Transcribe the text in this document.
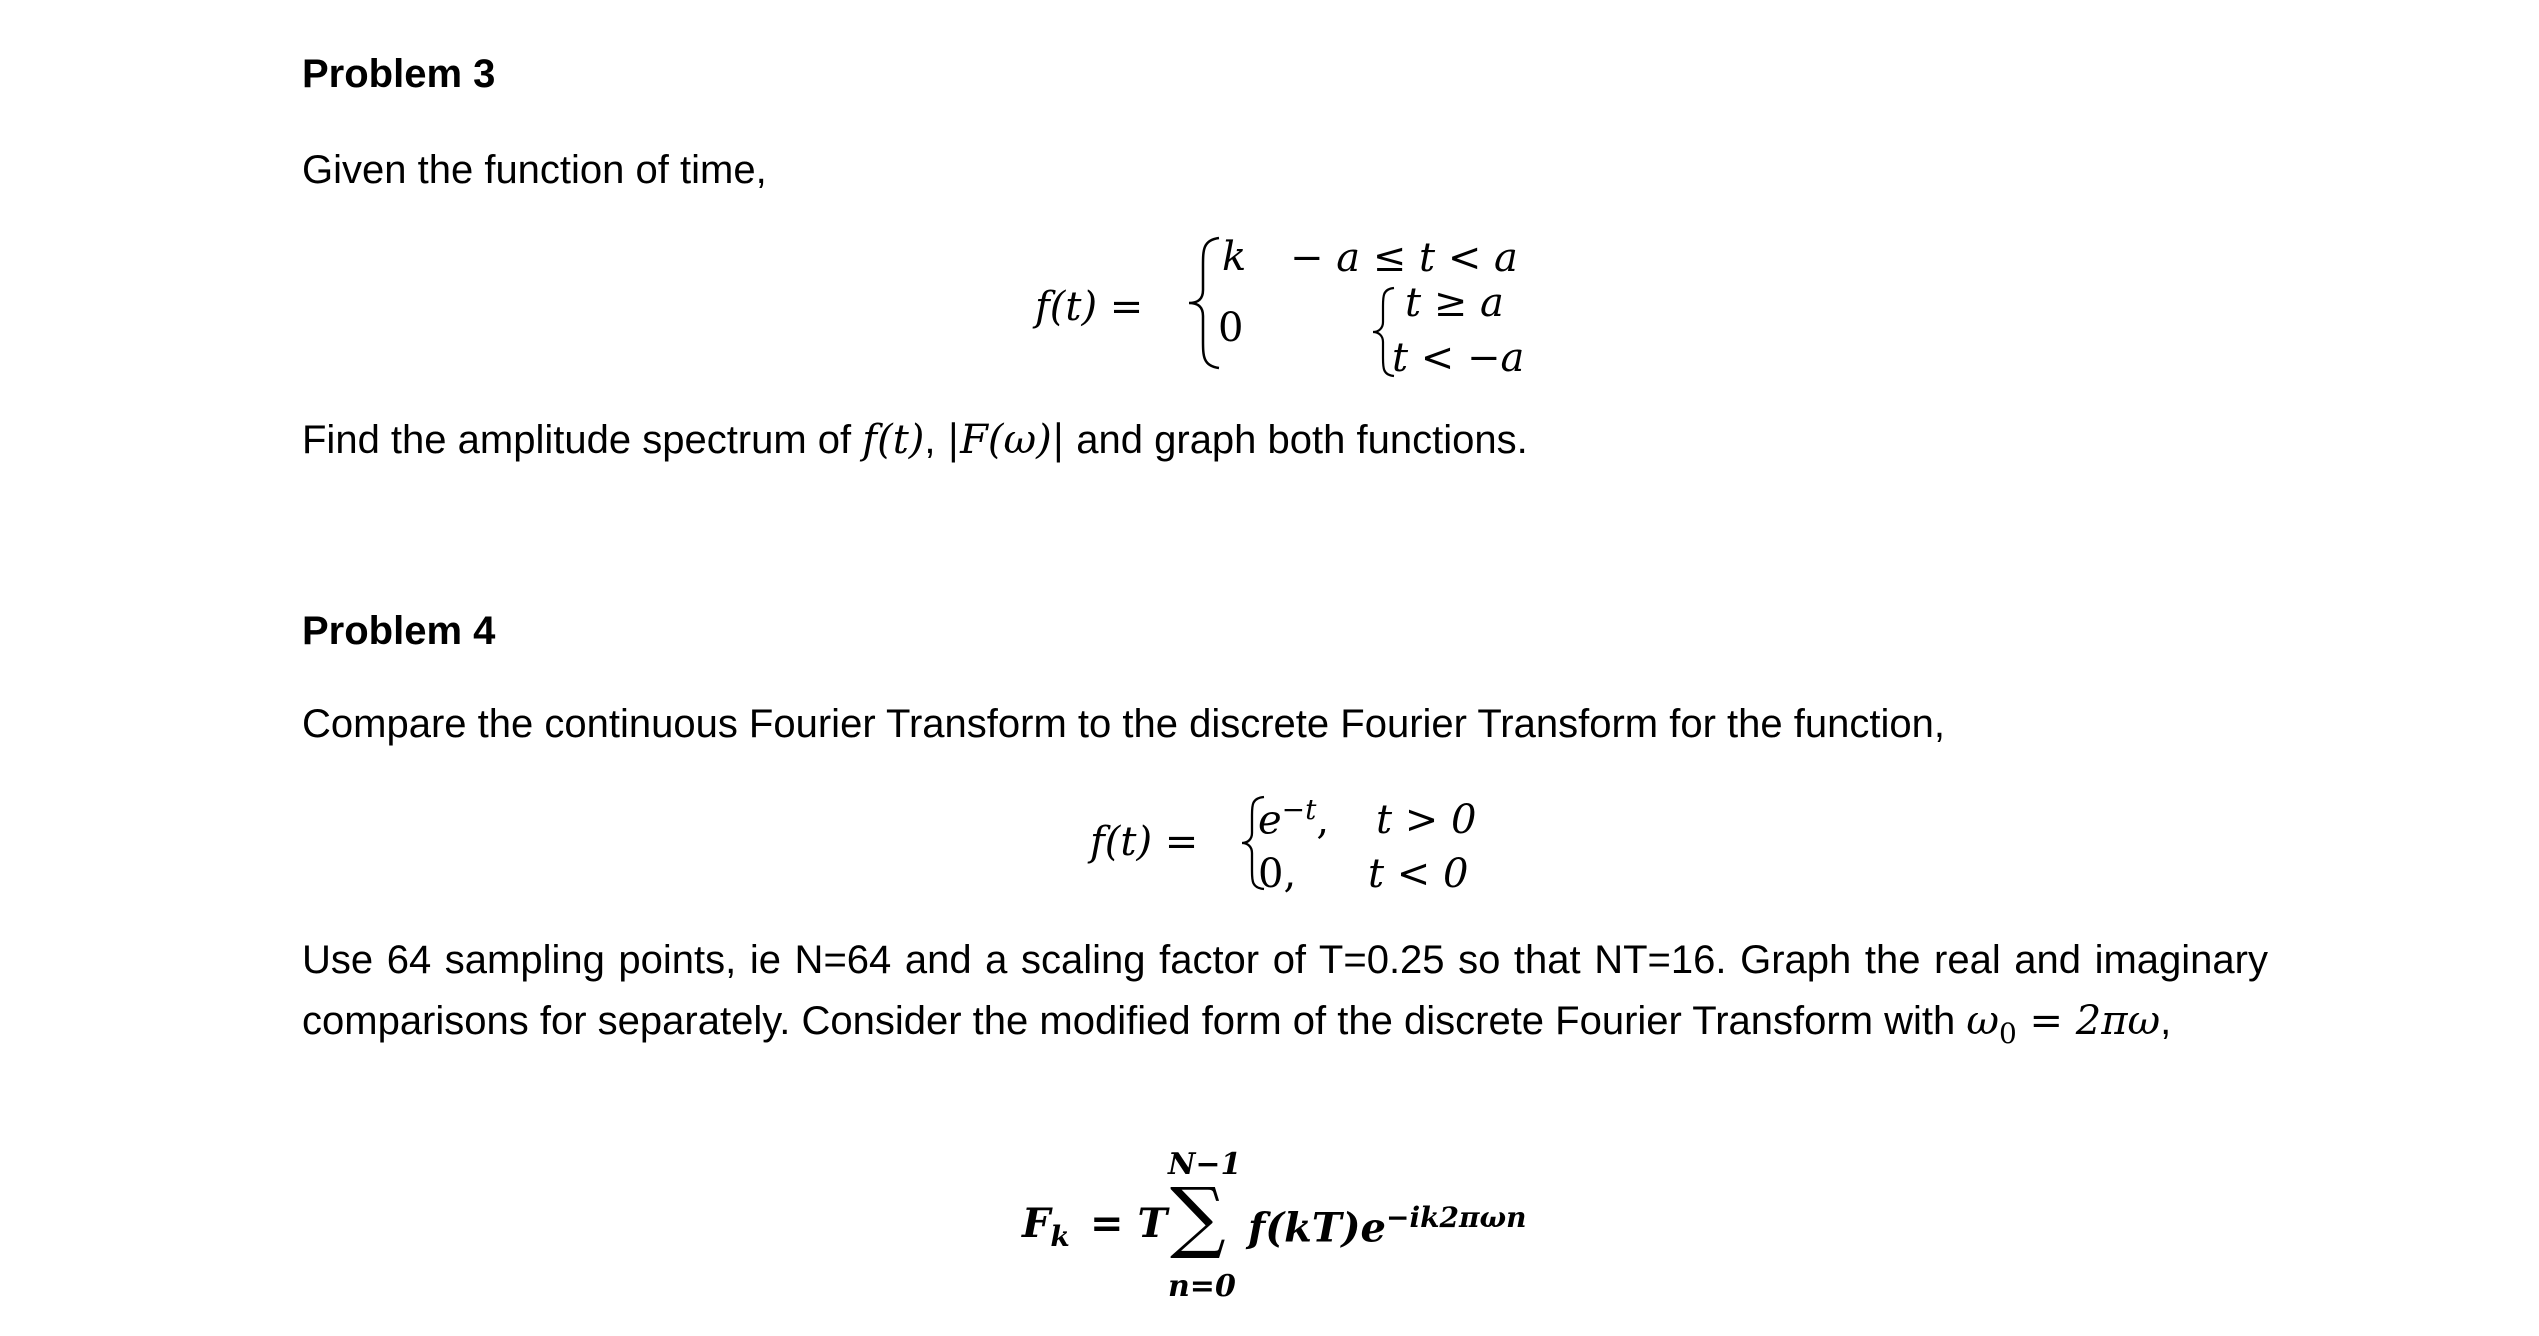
Problem 3
Given the function of time,
f(t) =
k − a ≤ t < a
0
t ≥ a
t < −a
Find the amplitude spectrum of f(t), |F(ω)| and graph both functions.
Problem 4
Compare the continuous Fourier Transform to the discrete Fourier Transform for the function,
$f(t) = e^{-t}$, t > 0
0, t < 0
Use 64 sampling points, ie N=64 and a scaling factor of T=0.25 so that NT=16. Graph the real and imaginary comparisons for separately. Consider the modified form of the discrete Fourier Transform with $\omega_0 = 2\pi\omega$,
$F_k = T$
N−1
∑
n=0
$f(kT)e^{-ik2\pi\omega n}$
